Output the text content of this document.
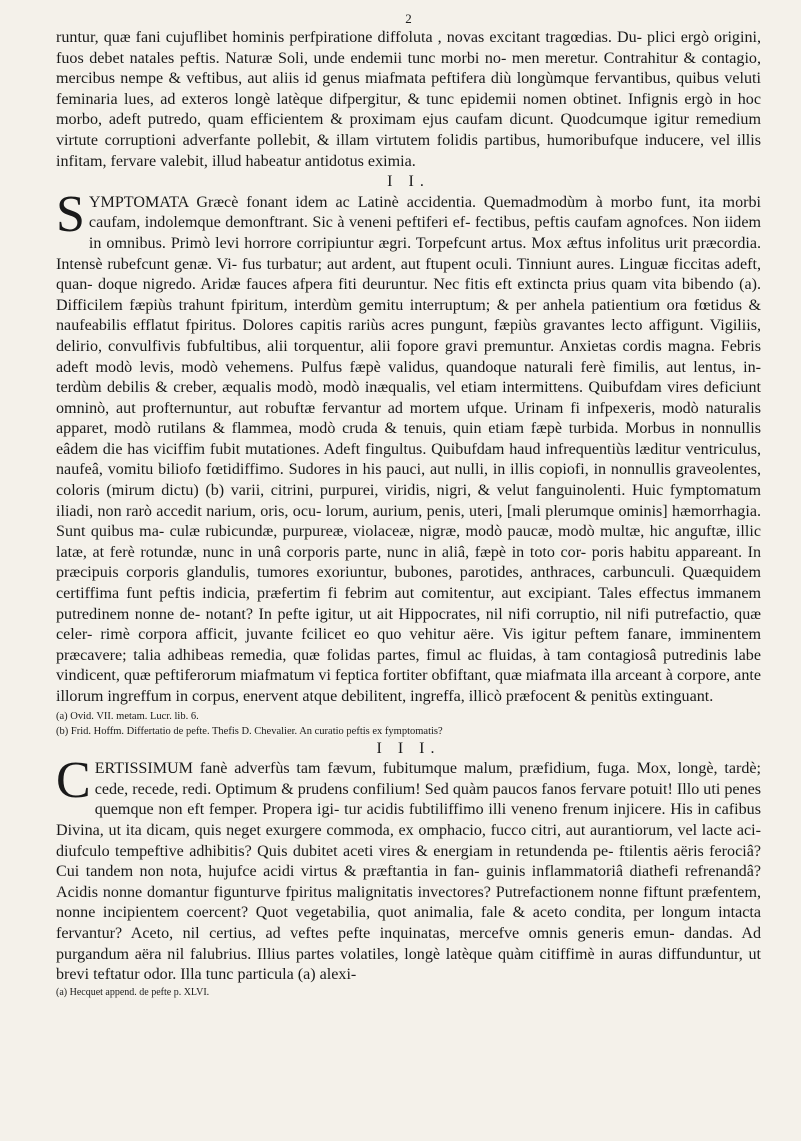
2

runtur, quæ fani cujuflibet hominis perfpiratione diffoluta , novas excitant tragœdias. Du- plici ergò origini, fuos debet natales peftis. Naturæ Soli, unde endemii tunc morbi no- men meretur. Contrahitur & contagio, mercibus nempe & veftibus, aut aliis id genus miafmata peftifera diù longùmque fervantibus, quibus veluti feminaria lues, ad exteros longè latèque difpergitur, & tunc epidemii nomen obtinet. Infignis ergò in hoc morbo, adeft putredo, quam efficientem & proximam ejus caufam dicunt. Quodcumque igitur remedium virtute corruptioni adverfante pollebit, & illam virtutem folidis partibus, humoribufque inducere, vel illis infitam, fervare valebit, illud habeatur antidotus eximia.

I I.

SYMPTOMATA Græcè fonant idem ac Latinè accidentia. Quemadmodùm à morbo funt, ita morbi caufam, indolemque demonftrant. Sic à veneni peftiferi ef- fectibus, peftis caufam agnofces. Non iidem in omnibus. Primò levi horrore corripiuntur ægri. Torpefcunt artus. Mox æftus infolitus urit præcordia. Intensè rubefcunt genæ. Vi- fus turbatur; aut ardent, aut ftupent oculi. Tinniunt aures. Linguæ ficcitas adeft, quan- doque nigredo. Aridæ fauces afpera fiti deuruntur. Nec fitis eft extincta prius quam vita bibendo (a). Difficilem fæpiùs trahunt fpiritum, interdùm gemitu interruptum; & per anhela patientium ora fœtidus & naufeabilis efflatut fpiritus. Dolores capitis rariùs acres pungunt, fæpiùs gravantes lecto affigunt. Vigiliis, delirio, convulfivis fubfultibus, alii torquentur, alii fopore gravi premuntur. Anxietas cordis magna. Febris adeft modò levis, modò vehemens. Pulfus fæpè validus, quandoque naturali ferè fimilis, aut lentus, in- terdùm debilis & creber, æqualis modò, modò inæqualis, vel etiam intermittens. Quibufdam vires deficiunt omninò, aut profternuntur, aut robuftæ fervantur ad mortem ufque. Urinam fi infpexeris, modò naturalis apparet, modò rutilans & flammea, modò cruda & tenuis, quin etiam fæpè turbida. Morbus in nonnullis eâdem die has viciffim fubit mutationes. Adeft fingultus. Quibufdam haud infrequentiùs læditur ventriculus, naufeâ, vomitu biliofo fœtidiffimo. Sudores in his pauci, aut nulli, in illis copiofi, in nonnullis graveolentes, coloris (mirum dictu) (b) varii, citrini, purpurei, viridis, nigri, & velut fanguinolenti. Huic fymptomatum iliadi, non rarò accedit narium, oris, ocu- lorum, aurium, penis, uteri, [mali plerumque ominis] hæmorrhagia. Sunt quibus ma- culæ rubicundæ, purpureæ, violaceæ, nigræ, modò paucæ, modò multæ, hic anguftæ, illic latæ, at ferè rotundæ, nunc in unâ corporis parte, nunc in aliâ, fæpè in toto cor- poris habitu appareant. In præcipuis corporis glandulis, tumores exoriuntur, bubones, parotides, anthraces, carbunculi. Quæquidem certiffima funt peftis indicia, præfertim fi febrim aut comitentur, aut excipiant. Tales effectus immanem putredinem nonne de- notant? In pefte igitur, ut ait Hippocrates, nil nifi corruptio, nil nifi putrefactio, quæ celer- rimè corpora afficit, juvante fcilicet eo quo vehitur aëre. Vis igitur peftem fanare, imminentem præcavere; talia adhibeas remedia, quæ folidas partes, fimul ac fluidas, à tam contagiosâ putredinis labe vindicent, quæ peftiferorum miafmatum vi feptica fortiter obfiftant, quæ miafmata illa arceant à corpore, ante illorum ingreffum in corpus, enervent atque debilitent, ingreffa, illicò præfocent & penitùs extinguant.

(a) Ovid. VII. metam. Lucr. lib. 6.

(b) Frid. Hoffm. Differtatio de pefte. Thefis D. Chevalier. An curatio peftis ex fymptomatis?

I I I.

CERTISSIMUM fanè adverfùs tam fævum, fubitumque malum, præfidium, fuga. Mox, longè, tardè; cede, recede, redi. Optimum & prudens confilium! Sed quàm paucos fanos fervare potuit! Illo uti penes quemque non eft femper. Propera igi- tur acidis fubtiliffimo illi veneno frenum injicere. His in cafibus Divina, ut ita dicam, quis neget exurgere commoda, ex omphacio, fucco citri, aut aurantiorum, vel lacte aci- diufculo tempeftive adhibitis? Quis dubitet aceti vires & energiam in retundenda pe- ftilentis aëris ferociâ? Cui tandem non nota, hujufce acidi virtus & præftantia in fan- guinis inflammatoriâ diathefi refrenandâ? Acidis nonne domantur figunturve fpiritus malignitatis invectores? Putrefactionem nonne fiftunt præfentem, nonne incipientem coercent? Quot vegetabilia, quot animalia, fale & aceto condita, per longum intacta fervantur? Aceto, nil certius, ad veftes pefte inquinatas, mercefve omnis generis emun- dandas. Ad purgandum aëra nil falubrius. Illius partes volatiles, longè latèque quàm citiffimè in auras diffunduntur, ut brevi teftatur odor. Illa tunc particula (a) alexi-

(a) Hecquet append. de pefte p. XLVI.
